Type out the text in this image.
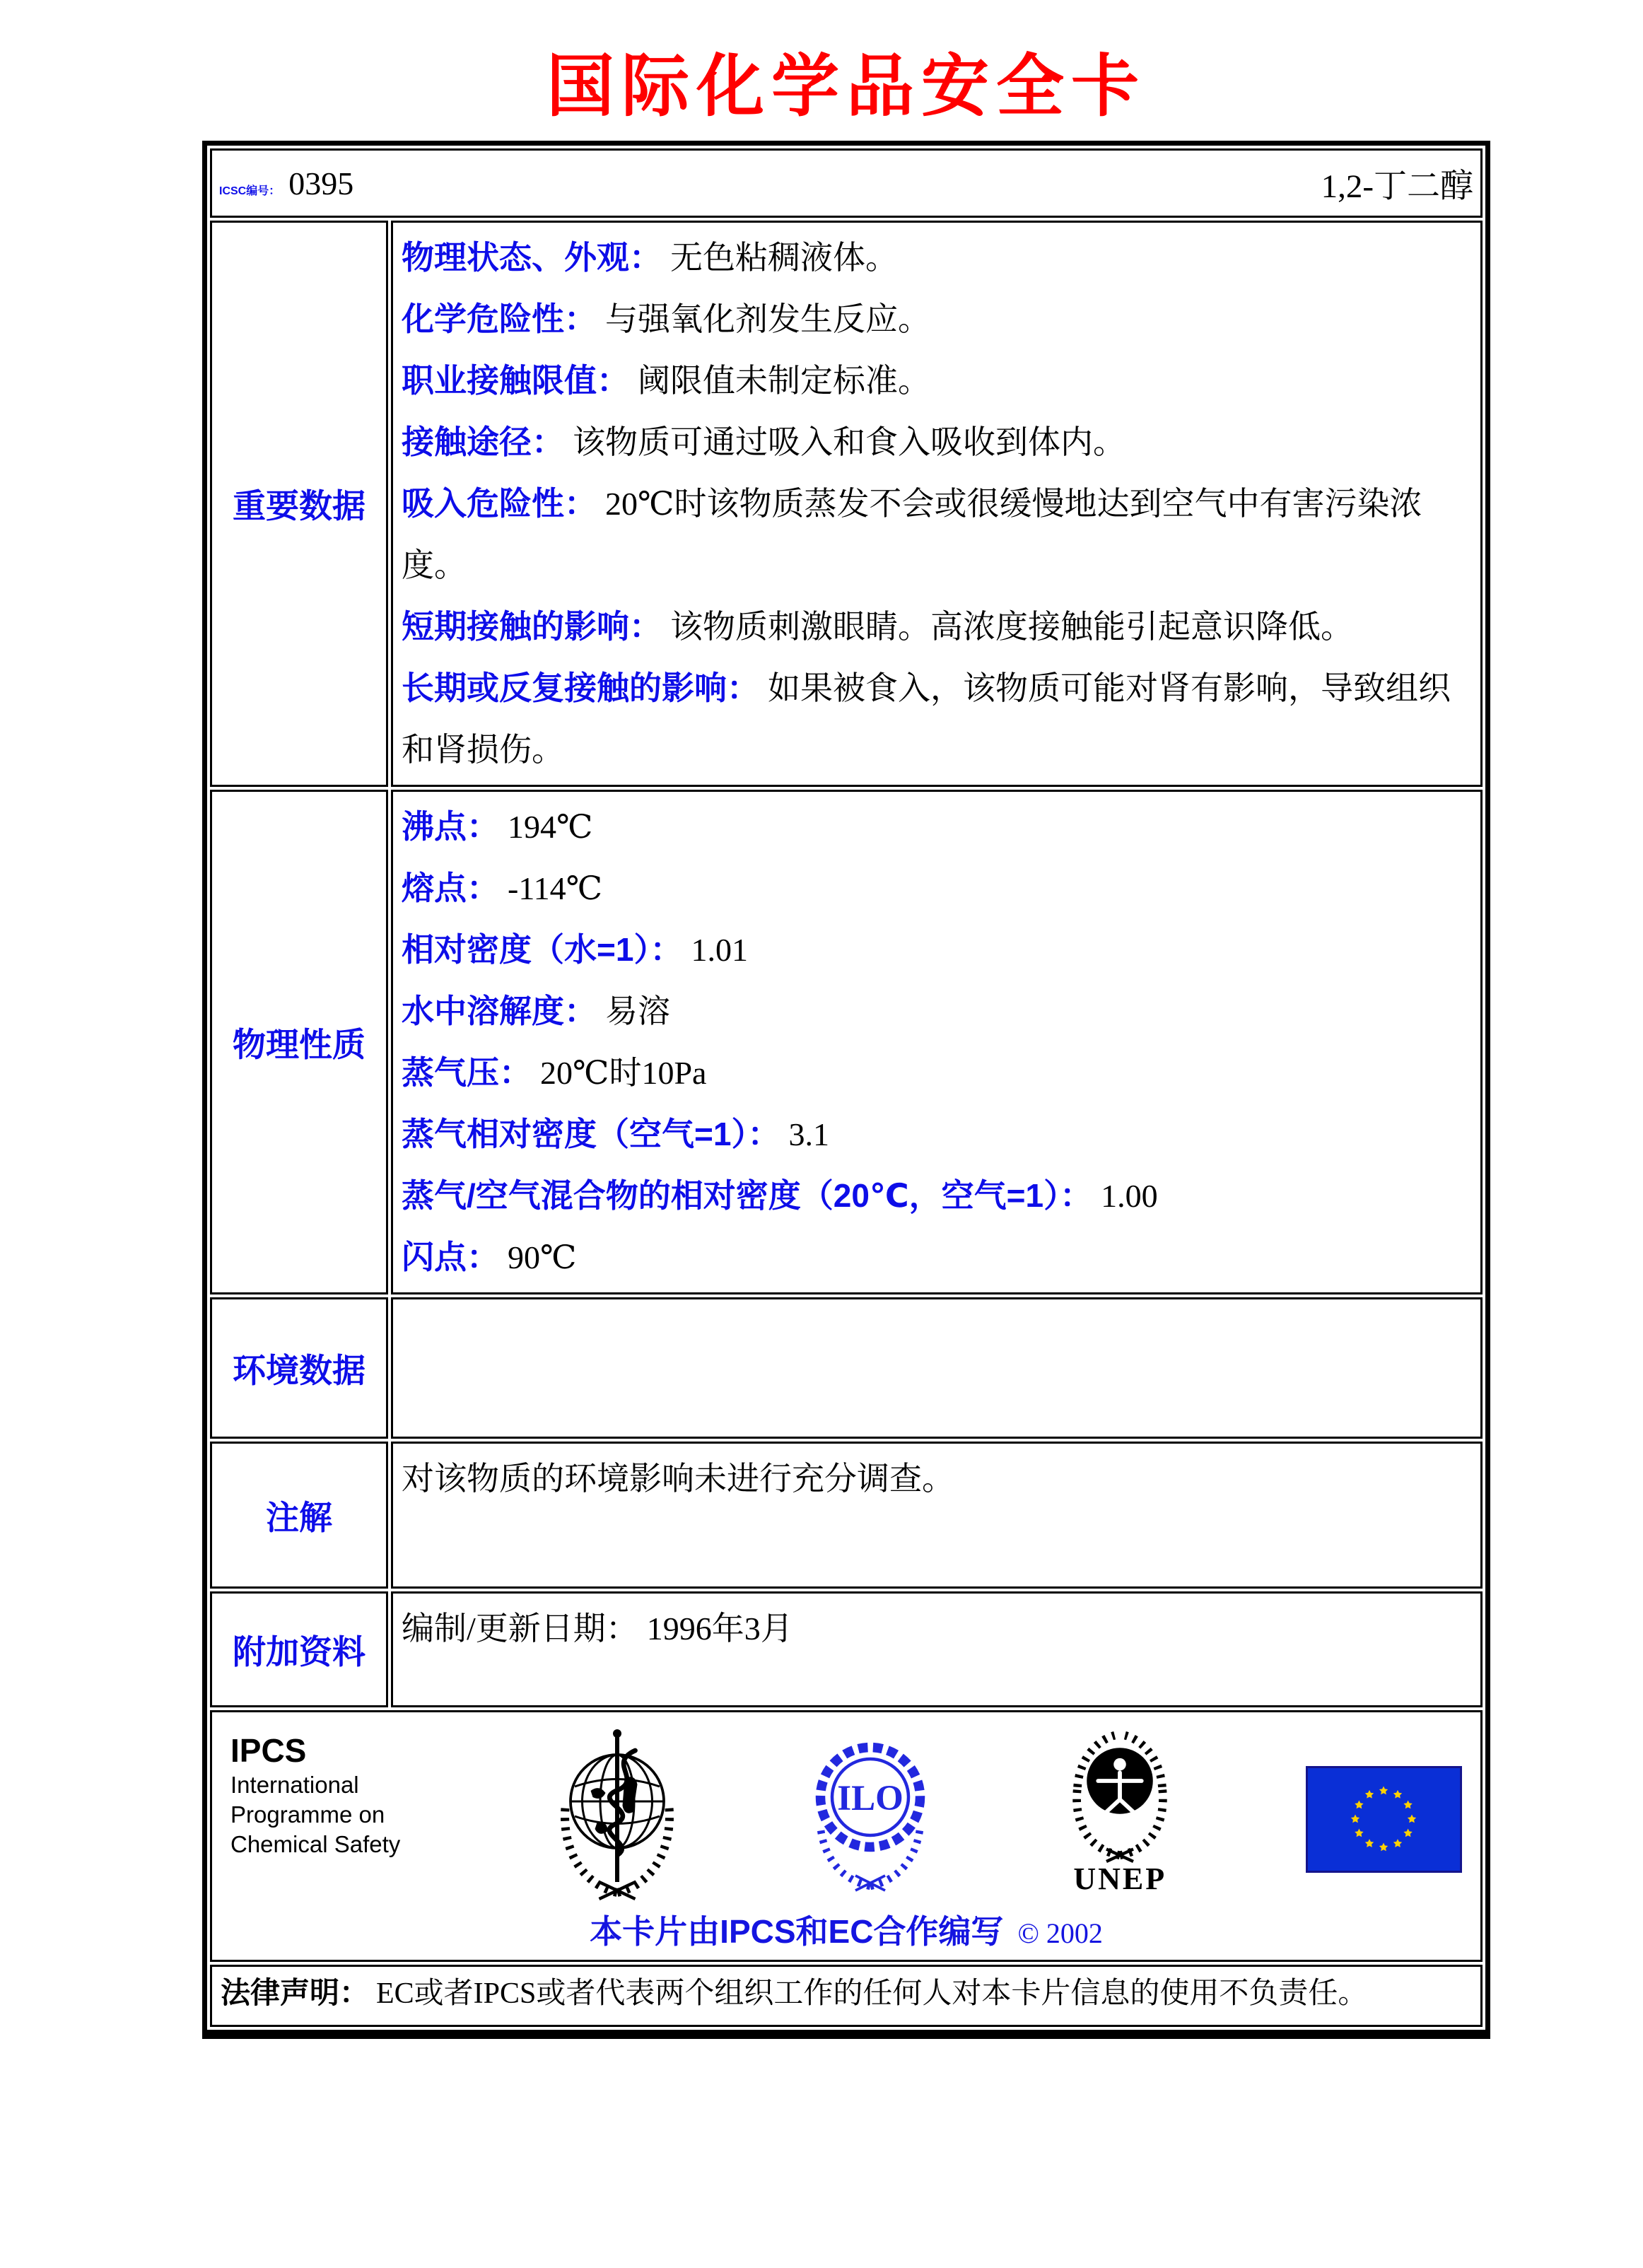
国际化学品安全卡
ICSC编号： 0395 1,2-丁二醇	

重要数据	
物理状态、外观： 无色粘稠液体。
化学危险性： 与强氧化剂发生反应。
职业接触限值： 阈限值未制定标准。
接触途径： 该物质可通过吸入和食入吸收到体内。
吸入危险性： 20℃时该物质蒸发不会或很缓慢地达到空气中有害污染浓度。
短期接触的影响： 该物质刺激眼睛。高浓度接触能引起意识降低。
长期或反复接触的影响： 如果被食入，该物质可能对肾有影响，导致组织和肾损伤。

物理性质	
沸点： 194℃
熔点： -114℃
相对密度（水=1）： 1.01
水中溶解度： 易溶
蒸气压： 20℃时10Pa
蒸气相对密度（空气=1）： 3.1
蒸气/空气混合物的相对密度（20℃，空气=1）： 1.00
闪点： 90℃

环境数据	
注解	对该物质的环境影响未进行充分调查。
附加资料	编制/更新日期： 1996年3月

IPCS
International
Programme on
Chemical Safety
ILO
UNEP
本卡片由IPCS和EC合作编写 © 2002

法律声明： EC或者IPCS或者代表两个组织工作的任何人对本卡片信息的使用不负责任。	
